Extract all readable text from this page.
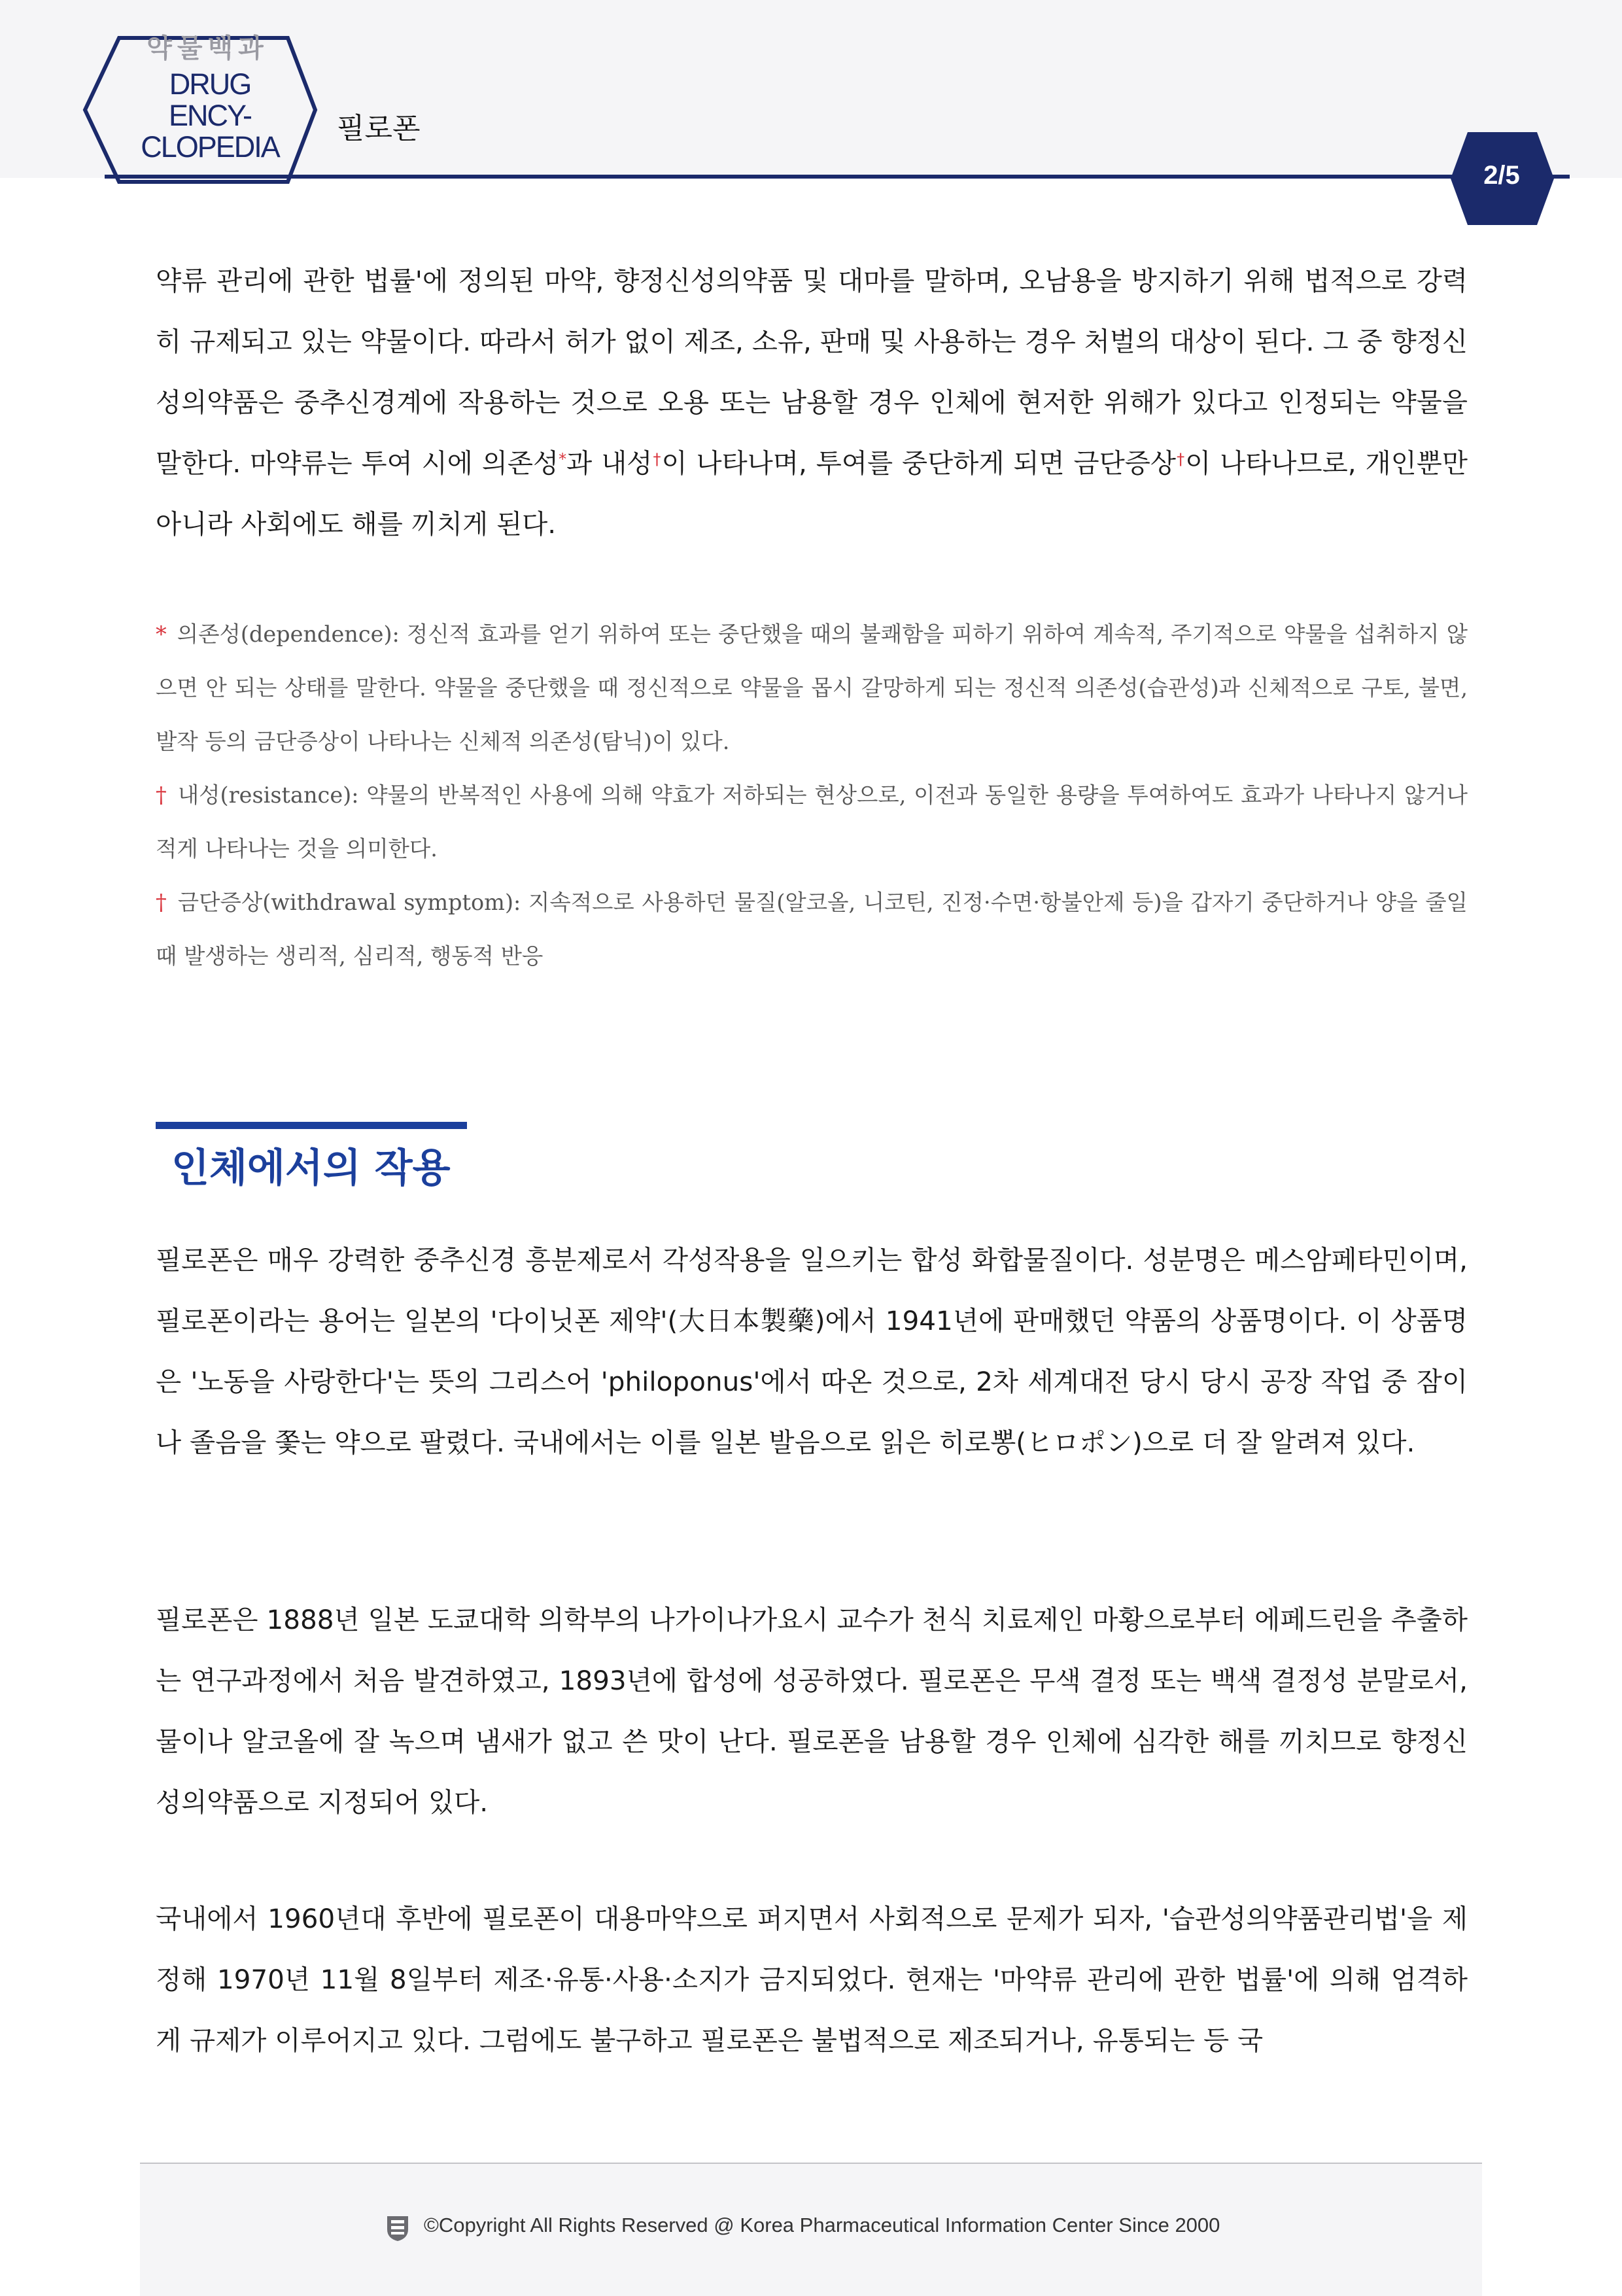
약물백과
DRUG ENCY-
CLOPEDIA
필로폰
2/5
약류 관리에 관한 법률'에 정의된 마약, 향정신성의약품 및 대마를 말하며, 오남용을 방지하기 위해 법적으로 강력히 규제되고 있는 약물이다. 따라서 허가 없이 제조, 소유, 판매 및 사용하는 경우 처벌의 대상이 된다. 그 중 향정신성의약품은 중추신경계에 작용하는 것으로 오용 또는 남용할 경우 인체에 현저한 위해가 있다고 인정되는 약물을 말한다. 마약류는 투여 시에 의존성*과 내성†이 나타나며, 투여를 중단하게 되면 금단증상†이 나타나므로, 개인뿐만 아니라 사회에도 해를 끼치게 된다.

* 의존성(dependence): 정신적 효과를 얻기 위하여 또는 중단했을 때의 불쾌함을 피하기 위하여 계속적, 주기적으로 약물을 섭취하지 않으면 안 되는 상태를 말한다. 약물을 중단했을 때 정신적으로 약물을 몹시 갈망하게 되는 정신적 의존성(습관성)과 신체적으로 구토, 불면, 발작 등의 금단증상이 나타나는 신체적 의존성(탐닉)이 있다.

† 내성(resistance): 약물의 반복적인 사용에 의해 약효가 저하되는 현상으로, 이전과 동일한 용량을 투여하여도 효과가 나타나지 않거나 적게 나타나는 것을 의미한다.

† 금단증상(withdrawal symptom): 지속적으로 사용하던 물질(알코올, 니코틴, 진정·수면·항불안제 등)을 갑자기 중단하거나 양을 줄일 때 발생하는 생리적, 심리적, 행동적 반응

인체에서의 작용
필로폰은 매우 강력한 중추신경 흥분제로서 각성작용을 일으키는 합성 화합물질이다. 성분명은 메스암페타민이며, 필로폰이라는 용어는 일본의 '다이닛폰 제약'(大日本製藥)에서 1941년에 판매했던 약품의 상품명이다. 이 상품명은 '노동을 사랑한다'는 뜻의 그리스어 'philoponus'에서 따온 것으로, 2차 세계대전 당시 당시 공장 작업 중 잠이나 졸음을 쫓는 약으로 팔렸다. 국내에서는 이를 일본 발음으로 읽은 히로뽕(ヒロポン)으로 더 잘 알려져 있다.
필로폰은 1888년 일본 도쿄대학 의학부의 나가이나가요시 교수가 천식 치료제인 마황으로부터 에페드린을 추출하는 연구과정에서 처음 발견하였고, 1893년에 합성에 성공하였다. 필로폰은 무색 결정 또는 백색 결정성 분말로서, 물이나 알코올에 잘 녹으며 냄새가 없고 쓴 맛이 난다. 필로폰을 남용할 경우 인체에 심각한 해를 끼치므로 향정신성의약품으로 지정되어 있다.
국내에서 1960년대 후반에 필로폰이 대용마약으로 퍼지면서 사회적으로 문제가 되자, '습관성의약품관리법'을 제정해 1970년 11월 8일부터 제조·유통·사용·소지가 금지되었다. 현재는 '마약류 관리에 관한 법률'에 의해 엄격하게 규제가 이루어지고 있다. 그럼에도 불구하고 필로폰은 불법적으로 제조되거나, 유통되는 등 국
©Copyright All Rights Reserved @ Korea Pharmaceutical Information Center Since 2000
